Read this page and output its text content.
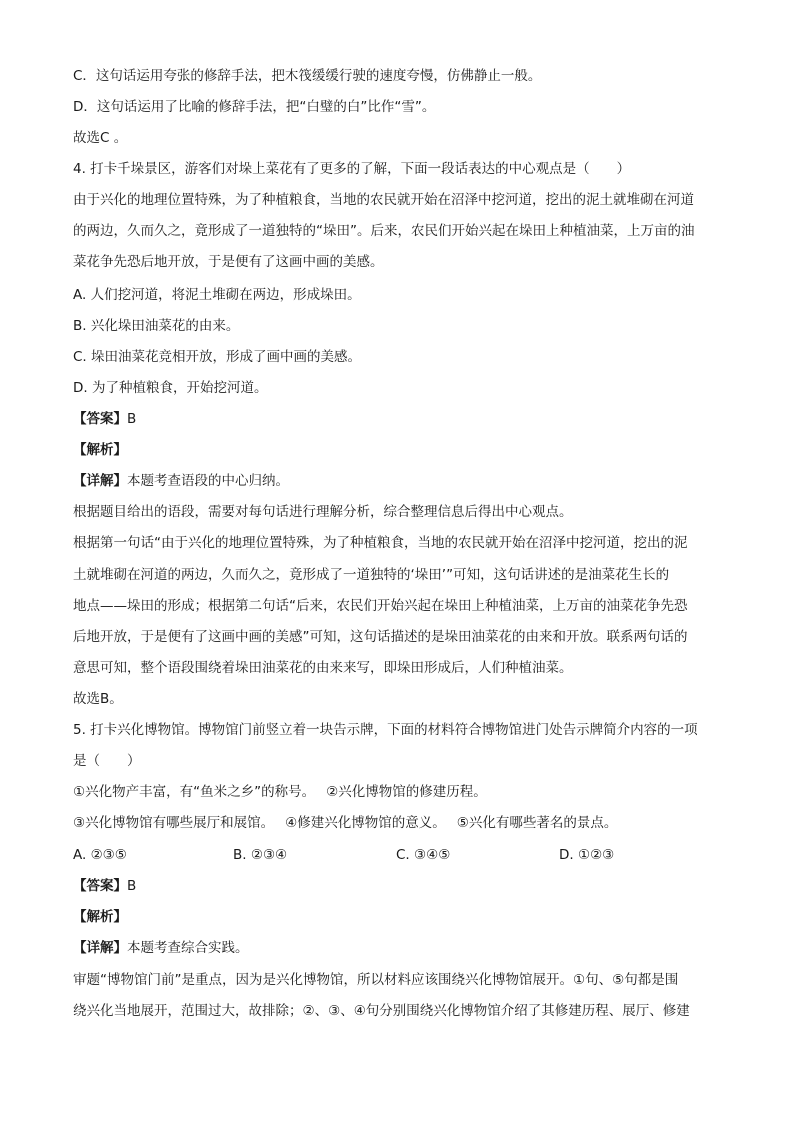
C．这句话运用夸张的修辞手法，把木筏缓缓行驶的速度夸慢，仿佛静止一般。
D．这句话运用了比喻的修辞手法，把“白璧的白”比作“雪”。
故选C 。
4. 打卡千垛景区，游客们对垛上菜花有了更多的了解，下面一段话表达的中心观点是（　　）
由于兴化的地理位置特殊，为了种植粮食，当地的农民就开始在沼泽中挖河道，挖出的泥土就堆砌在河道
的两边，久而久之，竟形成了一道独特的“垛田”。后来，农民们开始兴起在垛田上种植油菜，上万亩的油
菜花争先恐后地开放，于是便有了这画中画的美感。
A. 人们挖河道，将泥土堆砌在两边，形成垛田。
B. 兴化垛田油菜花的由来。
C. 垛田油菜花竞相开放，形成了画中画的美感。
D. 为了种植粮食，开始挖河道。
【答案】B
【解析】
【详解】本题考查语段的中心归纳。
根据题目给出的语段，需要对每句话进行理解分析，综合整理信息后得出中心观点。
根据第一句话“由于兴化的地理位置特殊，为了种植粮食，当地的农民就开始在沼泽中挖河道，挖出的泥
土就堆砌在河道的两边，久而久之，竟形成了一道独特的‘垛田’”可知，这句话讲述的是油菜花生长的
地点——垛田的形成；根据第二句话“后来，农民们开始兴起在垛田上种植油菜，上万亩的油菜花争先恐
后地开放，于是便有了这画中画的美感”可知，这句话描述的是垛田油菜花的由来和开放。联系两句话的
意思可知，整个语段围绕着垛田油菜花的由来来写，即垛田形成后，人们种植油菜。
故选B。
5. 打卡兴化博物馆。博物馆门前竖立着一块告示牌，下面的材料符合博物馆进门处告示牌简介内容的一项
是（　　）
①兴化物产丰富，有“鱼米之乡”的称号。　 ②兴化博物馆的修建历程。
③兴化博物馆有哪些展厅和展馆。　 ④修建兴化博物馆的意义。　 ⑤兴化有哪些著名的景点。
A. ②③⑤	B. ②③④	C. ③④⑤	D. ①②③
【答案】B
【解析】
【详解】本题考查综合实践。
审题“博物馆门前”是重点，因为是兴化博物馆，所以材料应该围绕兴化博物馆展开。①句、⑤句都是围
绕兴化当地展开，范围过大，故排除；②、③、④句分别围绕兴化博物馆介绍了其修建历程、展厅、修建
